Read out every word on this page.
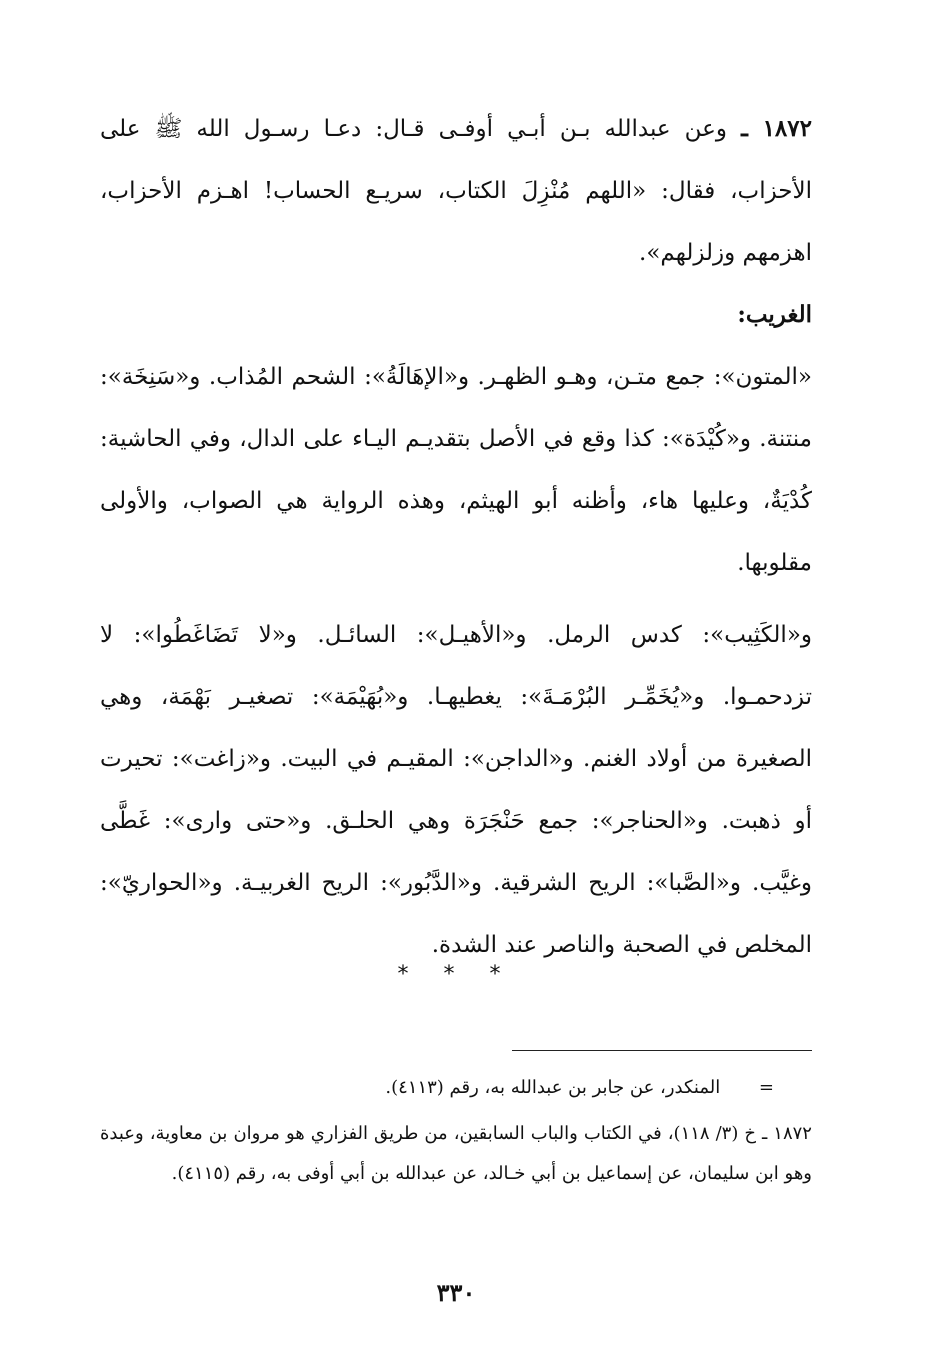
١٨٧٢ ـ وعن عبدالله بـن أبـي أوفـى قـال: دعـا رسـول الله ﷺ على الأحزاب، فقال: «اللهم مُنْزِلَ الكتاب، سريـع الحساب! اهـزم الأحزاب، اهزمهم وزلزلهم».

الغريب:

«المتون»: جمع متـن، وهـو الظهـر. و«الإهَالَةُ»: الشحم المُذاب. و«سَنِخَة»: منتنة. و«كُيْدَة»: كذا وقع في الأصل بتقديـم اليـاء على الدال، وفي الحاشية: كُدْيَةٌ، وعليها هاء، وأظنه أبو الهيثم، وهذه الرواية هي الصواب، والأولى مقلوبها.

و«الكَثِيب»: كدس الرمل. و«الأهيـل»: السائـل. و«لا تَضَاغَطُوا»: لا تزدحمـوا. و«يُخَمِّـر البُرْمَـةَ»: يغطيهـا. و«بُهَيْمَة»: تصغيـر بَهْمَة، وهي الصغيرة من أولاد الغنم. و«الداجن»: المقيـم في البيت. و«زاغت»: تحيرت أو ذهبت. و«الحناجر»: جمع حَنْجَرَة وهي الحلـق. و«حتى وارى»: غَطَّى وغيَّب. و«الصَّبا»: الريح الشرقية. و«الدَّبُور»: الريح الغربيـة. و«الحواريّ»: المخلص في الصحبة والناصر عند الشدة.

* * *

= المنكدر، عن جابر بن عبدالله به، رقم (٤١١٣).

١٨٧٢ ـ خ (٣/ ١١٨)، في الكتاب والباب السابقين، من طريق الفزاري هو مروان بن معاوية، وعبدة وهو ابن سليمان، عن إسماعيل بن أبي خـالد، عن عبدالله بن أبي أوفى به، رقم (٤١١٥).

٣٣٠
